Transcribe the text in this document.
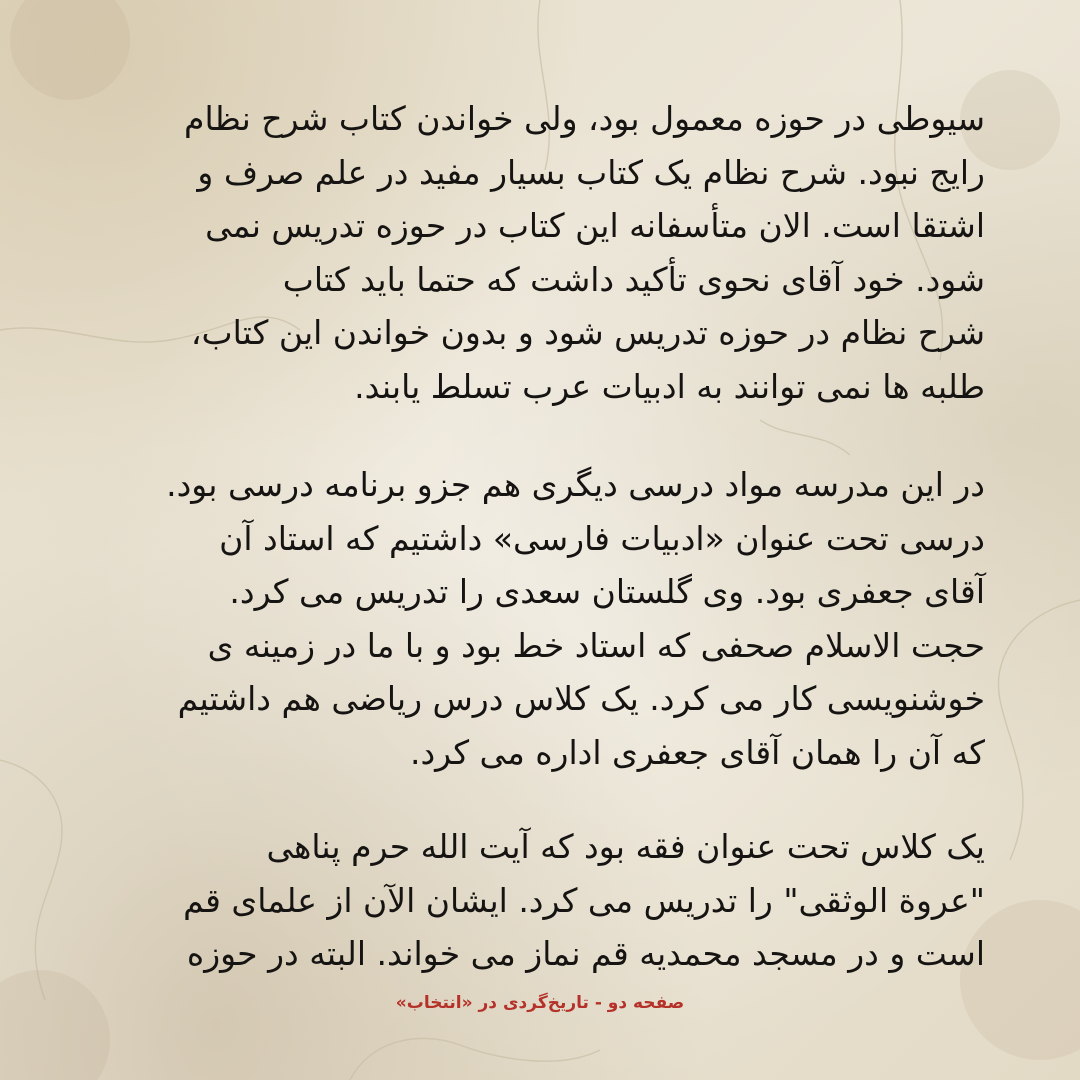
سیوطی در حوزه معمول بود، ولی خواندن کتاب شرح نظام
رایج نبود. شرح نظام یک کتاب بسیار مفید در علم صرف و
اشتقا است. الان متأسفانه این کتاب در حوزه تدریس نمی
شود. خود آقای نحوی تأکید داشت که حتما باید کتاب
شرح نظام در حوزه تدریس شود و بدون خواندن این کتاب،
طلبه ها نمی توانند به ادبیات عرب تسلط یابند.
در این مدرسه مواد درسی دیگری هم جزو برنامه درسی بود.
درسی تحت عنوان «ادبیات فارسی» داشتیم که استاد آن
آقای جعفری بود. وی گلستان سعدی را تدریس می کرد.
حجت الاسلام صحفی که استاد خط بود و با ما در زمینه ی
خوشنویسی کار می کرد. یک کلاس درس ریاضی هم داشتیم
که آن را همان آقای جعفری اداره می کرد.
یک کلاس تحت عنوان فقه بود که آیت الله حرم پناهی
"عروة الوثقی" را تدریس می کرد. ایشان الآن از علمای قم
است و در مسجد محمدیه قم نماز می خواند. البته در حوزه
صفحه دو - تاریخ‌گردی در «انتخاب»
